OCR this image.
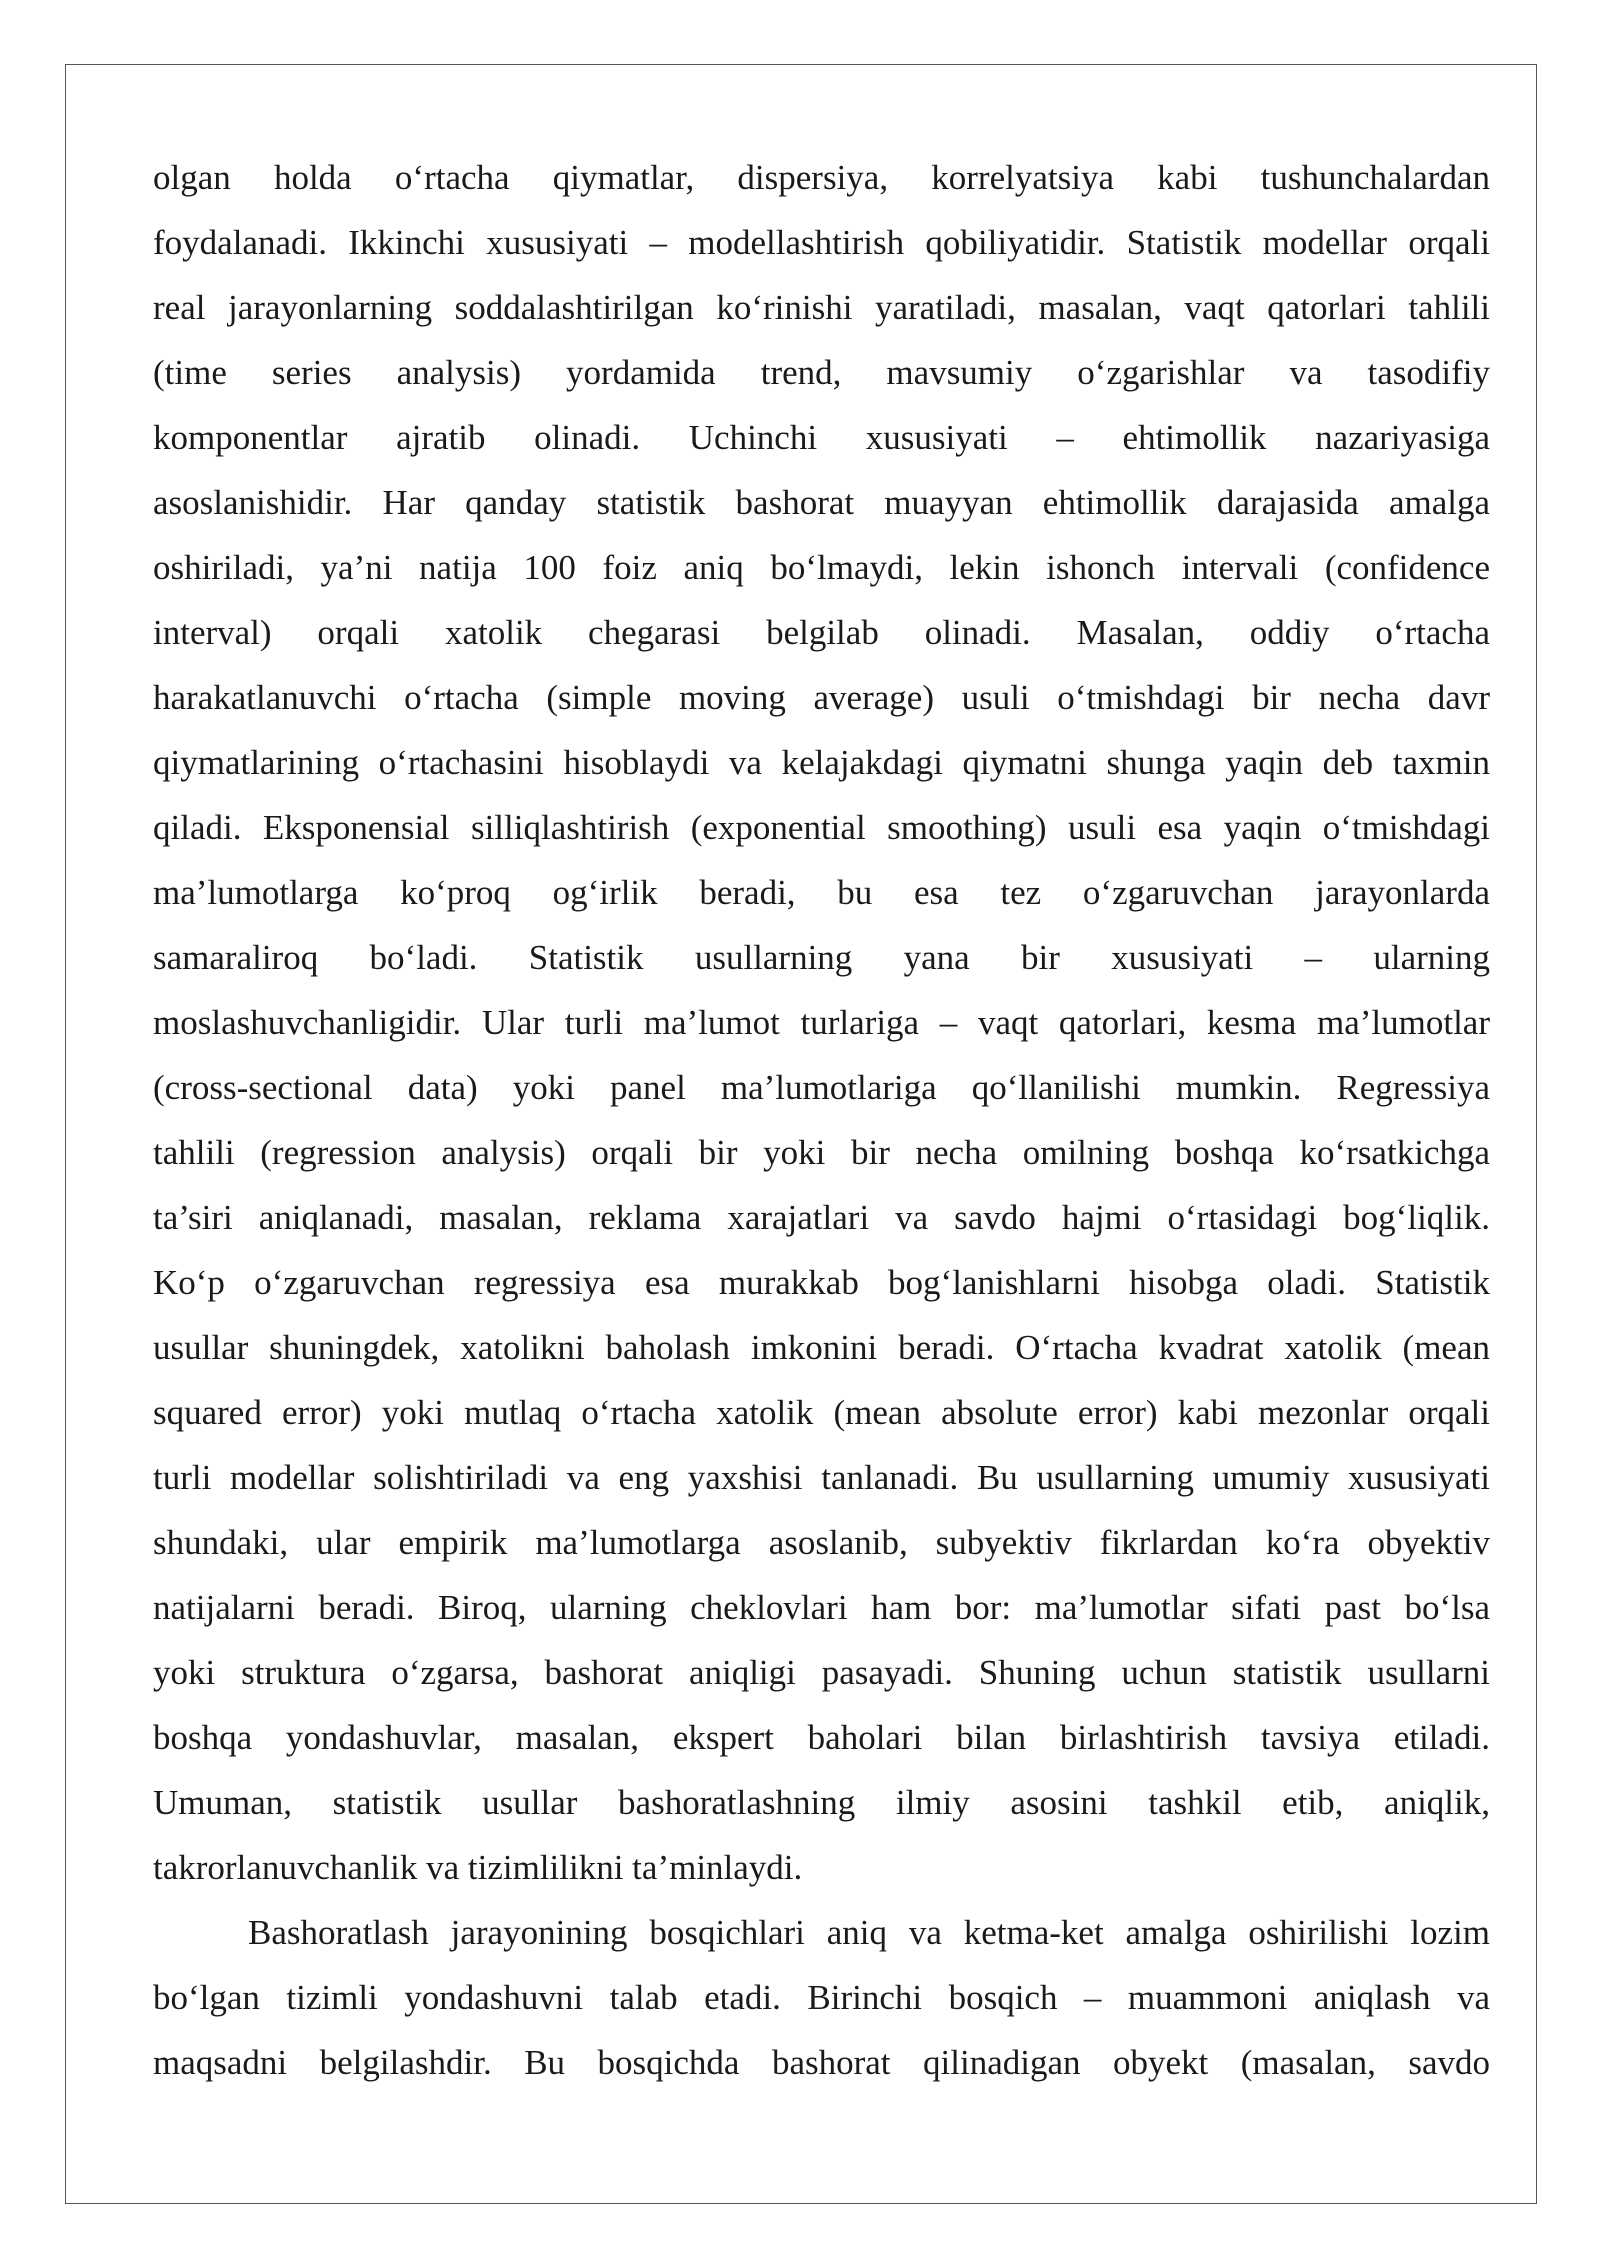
olgan holda o‘rtacha qiymatlar, dispersiya, korrelyatsiya kabi tushunchalardan
foydalanadi. Ikkinchi xususiyati – modellashtirish qobiliyatidir. Statistik modellar orqali
real jarayonlarning soddalashtirilgan ko‘rinishi yaratiladi, masalan, vaqt qatorlari tahlili
(time series analysis) yordamida trend, mavsumiy o‘zgarishlar va tasodifiy
komponentlar ajratib olinadi. Uchinchi xususiyati – ehtimollik nazariyasiga
asoslanishidir. Har qanday statistik bashorat muayyan ehtimollik darajasida amalga
oshiriladi, ya’ni natija 100 foiz aniq bo‘lmaydi, lekin ishonch intervali (confidence
interval) orqali xatolik chegarasi belgilab olinadi. Masalan, oddiy o‘rtacha
harakatlanuvchi o‘rtacha (simple moving average) usuli o‘tmishdagi bir necha davr
qiymatlarining o‘rtachasini hisoblaydi va kelajakdagi qiymatni shunga yaqin deb taxmin
qiladi. Eksponensial silliqlashtirish (exponential smoothing) usuli esa yaqin o‘tmishdagi
ma’lumotlarga ko‘proq og‘irlik beradi, bu esa tez o‘zgaruvchan jarayonlarda
samaraliroq bo‘ladi. Statistik usullarning yana bir xususiyati – ularning
moslashuvchanligidir. Ular turli ma’lumot turlariga – vaqt qatorlari, kesma ma’lumotlar
(cross-sectional data) yoki panel ma’lumotlariga qo‘llanilishi mumkin. Regressiya
tahlili (regression analysis) orqali bir yoki bir necha omilning boshqa ko‘rsatkichga
ta’siri aniqlanadi, masalan, reklama xarajatlari va savdo hajmi o‘rtasidagi bog‘liqlik.
Ko‘p o‘zgaruvchan regressiya esa murakkab bog‘lanishlarni hisobga oladi. Statistik
usullar shuningdek, xatolikni baholash imkonini beradi. O‘rtacha kvadrat xatolik (mean
squared error) yoki mutlaq o‘rtacha xatolik (mean absolute error) kabi mezonlar orqali
turli modellar solishtiriladi va eng yaxshisi tanlanadi. Bu usullarning umumiy xususiyati
shundaki, ular empirik ma’lumotlarga asoslanib, subyektiv fikrlardan ko‘ra obyektiv
natijalarni beradi. Biroq, ularning cheklovlari ham bor: ma’lumotlar sifati past bo‘lsa
yoki struktura o‘zgarsa, bashorat aniqligi pasayadi. Shuning uchun statistik usullarni
boshqa yondashuvlar, masalan, ekspert baholari bilan birlashtirish tavsiya etiladi.
Umuman, statistik usullar bashoratlashning ilmiy asosini tashkil etib, aniqlik,
takrorlanuvchanlik va tizimlilikni ta’minlaydi.
Bashoratlash jarayonining bosqichlari aniq va ketma-ket amalga oshirilishi lozim
bo‘lgan tizimli yondashuvni talab etadi. Birinchi bosqich – muammoni aniqlash va
maqsadni belgilashdir. Bu bosqichda bashorat qilinadigan obyekt (masalan, savdo
